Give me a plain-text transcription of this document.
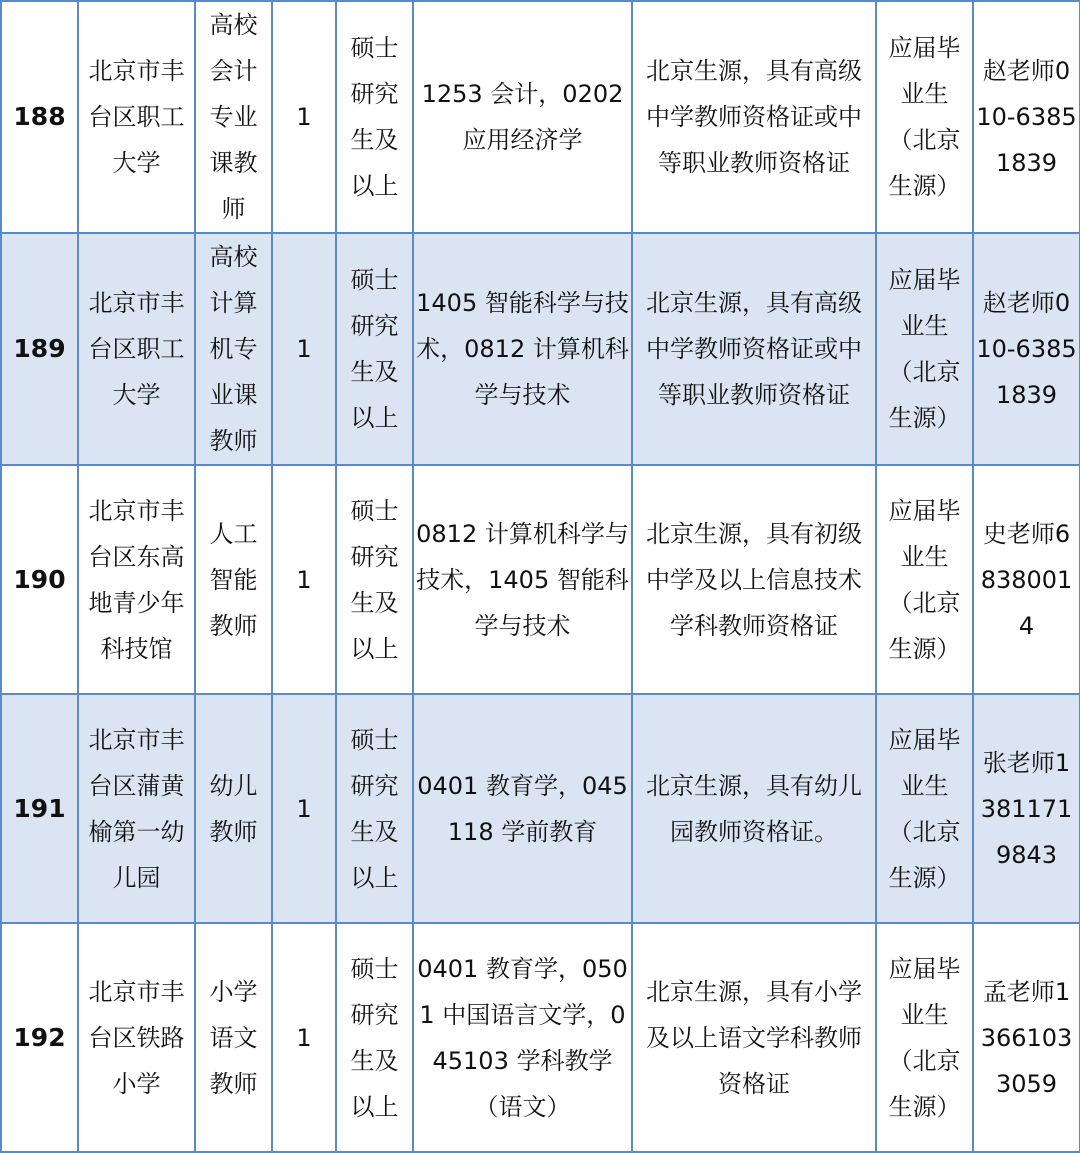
188	北京市丰台区职工大学	高校会计专业课教师	1	硕士研究生及以上	1253 会计，0202 应用经济学	北京生源，具有高级中学教师资格证或中等职业教师资格证	应届毕业生（北京生源）	赵老师010-63851839
189	北京市丰台区职工大学	高校计算机专业课教师	1	硕士研究生及以上	1405 智能科学与技术，0812 计算机科学与技术	北京生源，具有高级中学教师资格证或中等职业教师资格证	应届毕业生（北京生源）	赵老师010-63851839
190	北京市丰台区东高地青少年科技馆	人工智能教师	1	硕士研究生及以上	0812 计算机科学与技术，1405 智能科学与技术	北京生源，具有初级中学及以上信息技术学科教师资格证	应届毕业生（北京生源）	史老师68380014
191	北京市丰台区蒲黄榆第一幼儿园	幼儿教师	1	硕士研究生及以上	0401 教育学，045118 学前教育	北京生源，具有幼儿园教师资格证。	应届毕业生（北京生源）	张老师13811719843
192	北京市丰台区铁路小学	小学语文教师	1	硕士研究生及以上	0401 教育学，0501 中国语言文学，045103 学科教学（语文）	北京生源，具有小学及以上语文学科教师资格证	应届毕业生（北京生源）	孟老师13661033059
